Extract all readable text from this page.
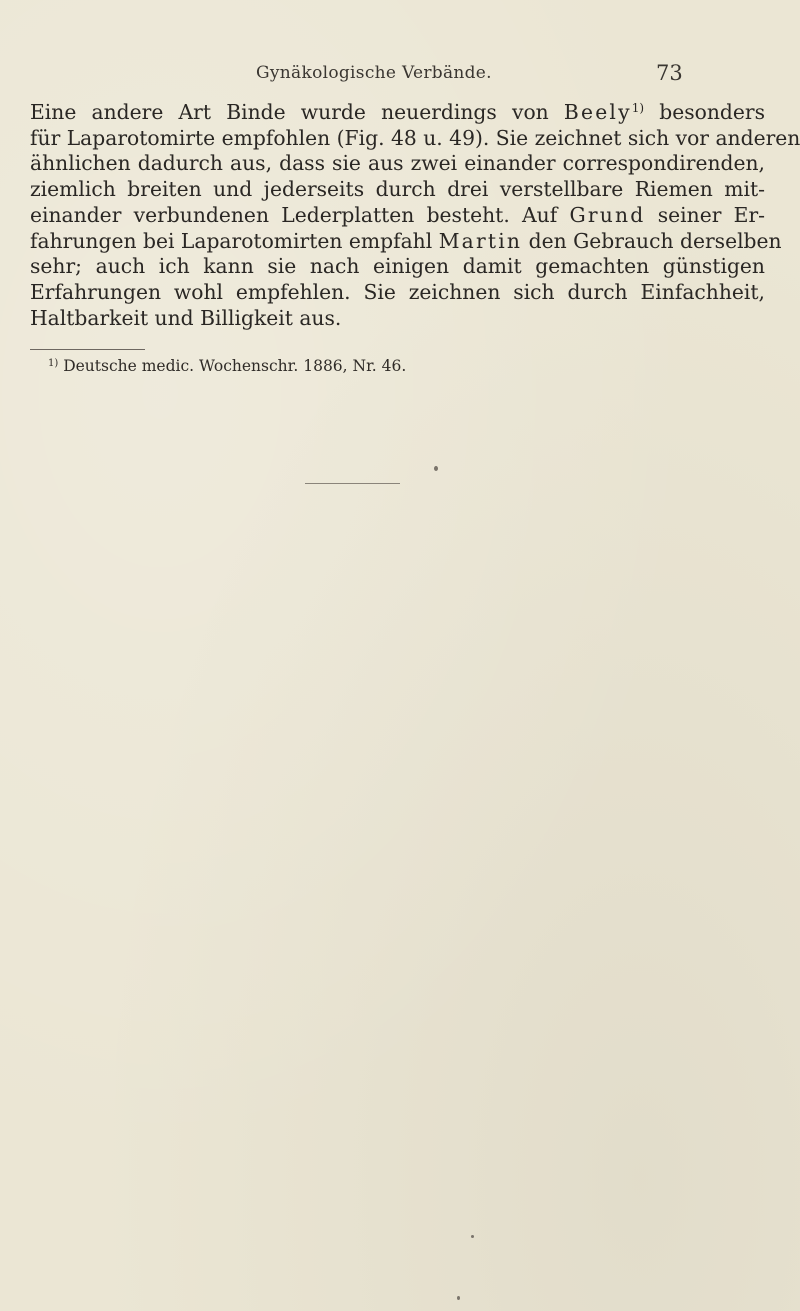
Gynäkologische Verbände.	73

Eine andere Art Binde wurde neuerdings von Beely$^{1)}$ besonders
für Laparotomirte empfohlen (Fig. 48 u. 49). Sie zeichnet sich vor anderen
ähnlichen dadurch aus, dass sie aus zwei einander correspondirenden,
ziemlich breiten und jederseits durch drei verstellbare Riemen mit-
einander verbundenen Lederplatten besteht. Auf Grund seiner Er-
fahrungen bei Laparotomirten empfahl Martin den Gebrauch derselben
sehr; auch ich kann sie nach einigen damit gemachten günstigen
Erfahrungen wohl empfehlen. Sie zeichnen sich durch Einfachheit,
Haltbarkeit und Billigkeit aus.

$^{1)}$ Deutsche medic. Wochenschr. 1886, Nr. 46.
